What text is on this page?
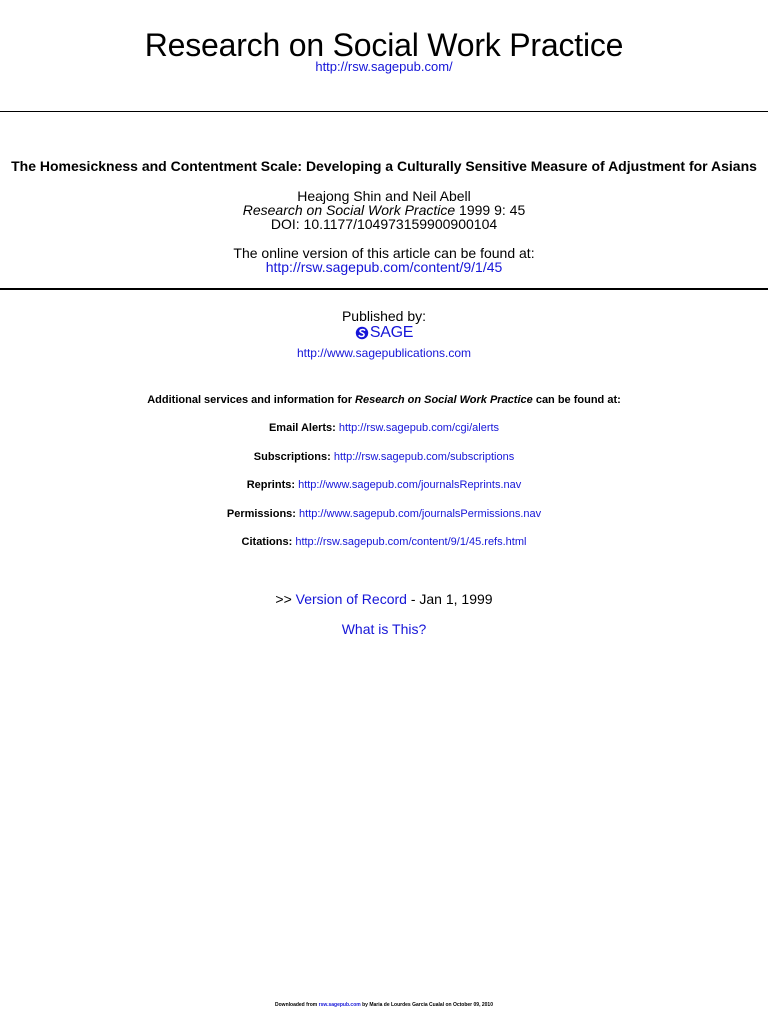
Research on Social Work Practice
http://rsw.sagepub.com/
The Homesickness and Contentment Scale: Developing a Culturally Sensitive Measure of Adjustment for Asians
Heajong Shin and Neil Abell
Research on Social Work Practice 1999 9: 45
DOI: 10.1177/104973159900900104
The online version of this article can be found at:
http://rsw.sagepub.com/content/9/1/45
Published by:
SAGE
http://www.sagepublications.com
Additional services and information for Research on Social Work Practice can be found at:
Email Alerts: http://rsw.sagepub.com/cgi/alerts
Subscriptions: http://rsw.sagepub.com/subscriptions
Reprints: http://www.sagepub.com/journalsReprints.nav
Permissions: http://www.sagepub.com/journalsPermissions.nav
Citations: http://rsw.sagepub.com/content/9/1/45.refs.html
>> Version of Record - Jan 1, 1999
What is This?
Downloaded from rsw.sagepub.com by Maria de Lourdes Garcia Cualal on October 09, 2010
